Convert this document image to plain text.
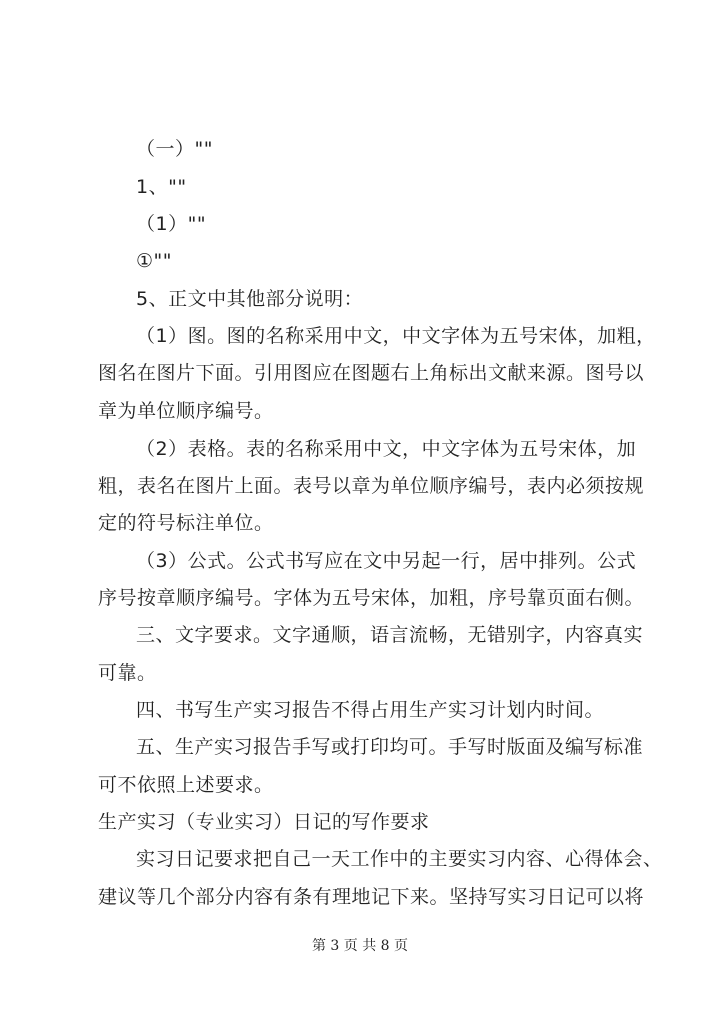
（一）""
1、""
（1）""
①""
5、正文中其他部分说明：
（1）图。图的名称采用中文，中文字体为五号宋体，加粗，
图名在图片下面。引用图应在图题右上角标出文献来源。图号以
章为单位顺序编号。
（2）表格。表的名称采用中文，中文字体为五号宋体，加
粗，表名在图片上面。表号以章为单位顺序编号，表内必须按规
定的符号标注单位。
（3）公式。公式书写应在文中另起一行，居中排列。公式
序号按章顺序编号。字体为五号宋体，加粗，序号靠页面右侧。
三、文字要求。文字通顺，语言流畅，无错别字，内容真实
可靠。
四、书写生产实习报告不得占用生产实习计划内时间。
五、生产实习报告手写或打印均可。手写时版面及编写标准
可不依照上述要求。
生产实习（专业实习）日记的写作要求
实习日记要求把自己一天工作中的主要实习内容、心得体会、
建议等几个部分内容有条有理地记下来。坚持写实习日记可以将
第 3 页 共 8 页
